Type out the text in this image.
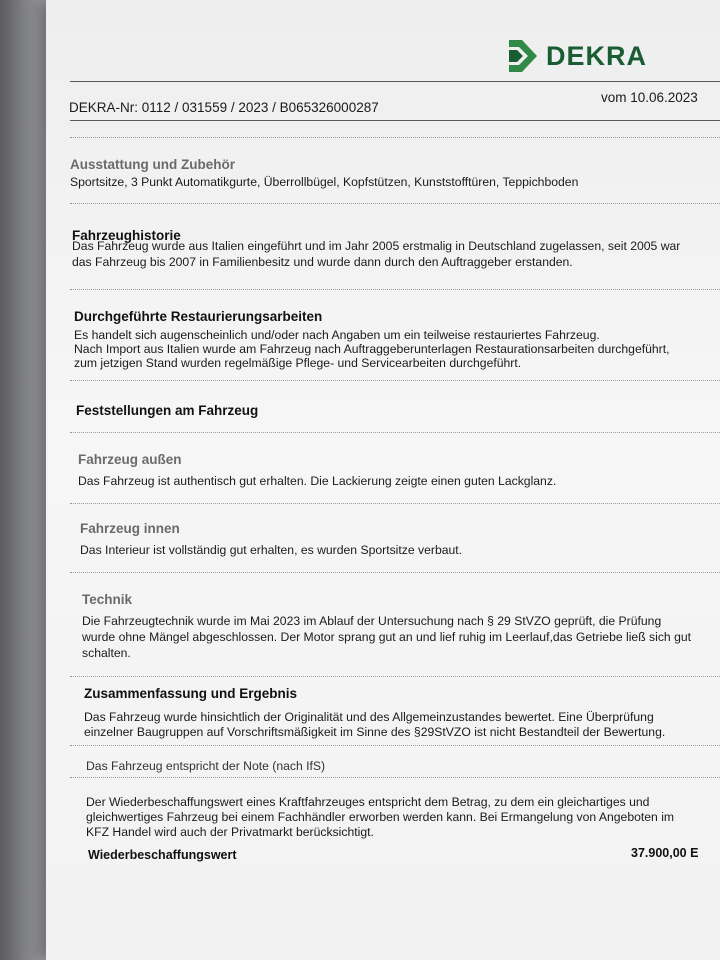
DEKRA
vom 10.06.2023
DEKRA-Nr: 0112 / 031559 / 2023 / B065326000287
Ausstattung und Zubehör
Sportsitze, 3 Punkt Automatikgurte, Überrollbügel, Kopfstützen, Kunststofftüren, Teppichboden
Fahrzeughistorie
Das Fahrzeug wurde aus Italien eingeführt und im Jahr 2005 erstmalig in Deutschland zugelassen, seit 2005 war
das Fahrzeug bis 2007 in Familienbesitz und wurde dann durch den Auftraggeber erstanden.
Durchgeführte Restaurierungsarbeiten
Es handelt sich augenscheinlich und/oder nach Angaben um ein teilweise restauriertes Fahrzeug.
Nach Import aus Italien wurde am Fahrzeug nach Auftraggeberunterlagen Restaurationsarbeiten durchgeführt,
zum jetzigen Stand wurden regelmäßige Pflege- und Servicearbeiten durchgeführt.
Feststellungen am Fahrzeug
Fahrzeug außen
Das Fahrzeug ist authentisch gut erhalten. Die Lackierung zeigte einen guten Lackglanz.
Fahrzeug innen
Das Interieur ist vollständig gut erhalten, es wurden Sportsitze verbaut.
Technik
Die Fahrzeugtechnik wurde im Mai 2023 im Ablauf der Untersuchung nach § 29 StVZO geprüft, die Prüfung
wurde ohne Mängel abgeschlossen. Der Motor sprang gut an und lief ruhig im Leerlauf,das Getriebe ließ sich gut
schalten.
Zusammenfassung und Ergebnis
Das Fahrzeug wurde hinsichtlich der Originalität und des Allgemeinzustandes bewertet. Eine Überprüfung
einzelner Baugruppen auf Vorschriftsmäßigkeit im Sinne des §29StVZO ist nicht Bestandteil der Bewertung.
Das Fahrzeug entspricht der Note (nach IfS)
Der Wiederbeschaffungswert eines Kraftfahrzeuges entspricht dem Betrag, zu dem ein gleichartiges und
gleichwertiges Fahrzeug bei einem Fachhändler erworben werden kann. Bei Ermangelung von Angeboten im
KFZ Handel wird auch der Privatmarkt berücksichtigt.
Wiederbeschaffungswert	37.900,00 E
